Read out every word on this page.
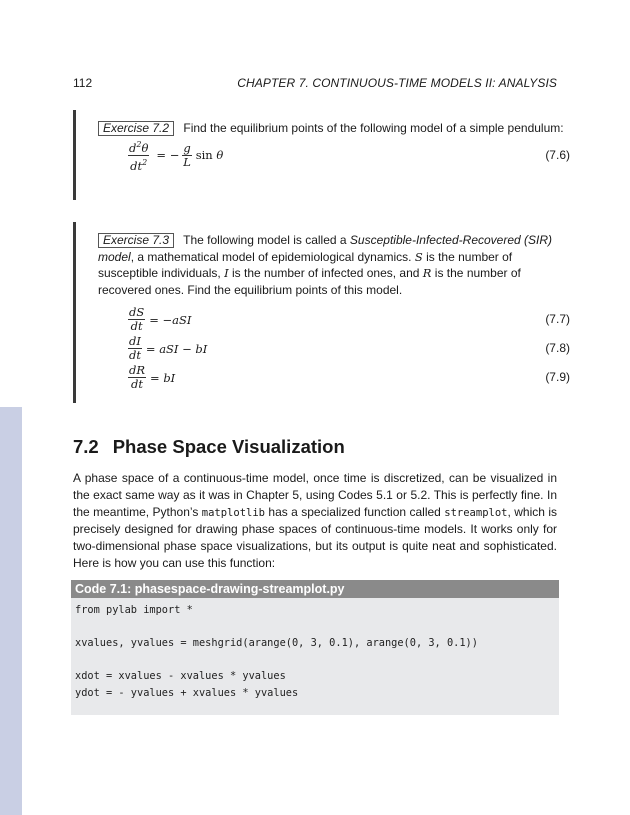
112	CHAPTER 7. CONTINUOUS-TIME MODELS II: ANALYSIS
Exercise 7.2 Find the equilibrium points of the following model of a simple pendulum:
$\frac{d^2\theta}{dt^2}$ = − $\frac{g}{L}$ sin θ	(7.6)
Exercise 7.3 The following model is called a Susceptible-Infected-Recovered (SIR) model, a mathematical model of epidemiological dynamics. S is the number of susceptible individuals, I is the number of infected ones, and R is the number of recovered ones. Find the equilibrium points of this model.
$\frac{dS}{dt} = -aSI$	(7.7)
$\frac{dI}{dt}$ = aSI − bI	(7.8)
$\frac{dR}{dt}$ = bI	(7.9)
7.2 Phase Space Visualization
A phase space of a continuous-time model, once time is discretized, can be visualized in the exact same way as it was in Chapter 5, using Codes 5.1 or 5.2. This is perfectly fine. In the meantime, Python’s matplotlib has a specialized function called streamplot, which is precisely designed for drawing phase spaces of continuous-time models. It works only for two-dimensional phase space visualizations, but its output is quite neat and sophisticated. Here is how you can use this function:
Code 7.1: phasespace-drawing-streamplot.py
from pylab import *
xvalues, yvalues = meshgrid(arange(0, 3, 0.1), arange(0, 3, 0.1))
xdot = xvalues - xvalues * yvalues
ydot = - yvalues + xvalues * yvalues
